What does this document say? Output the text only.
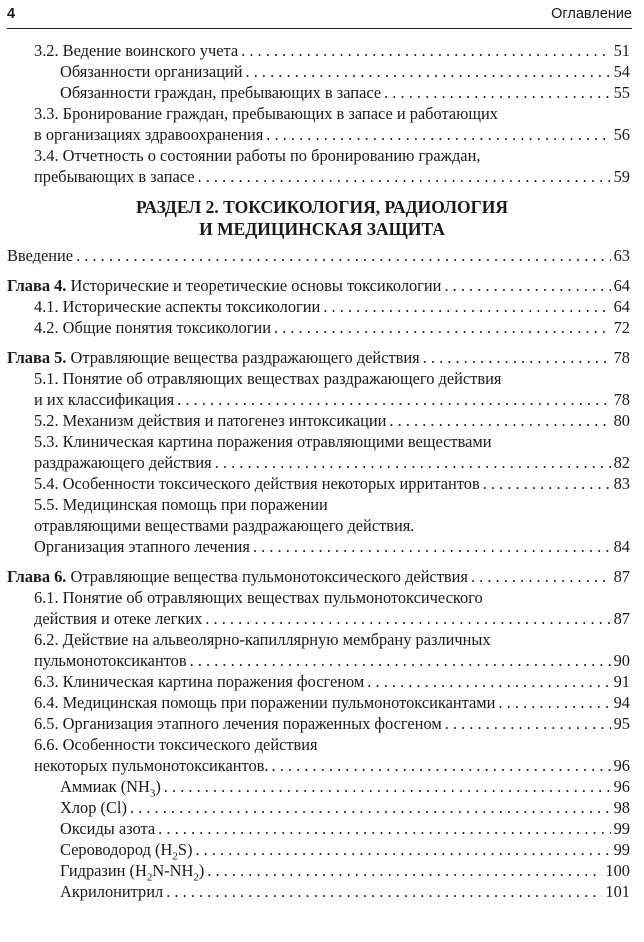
4	Оглавление
3.2. Ведение воинского учета . . .	51
Обязанности организаций . . .	54
Обязанности граждан, пребывающих в запасе . . .	55
3.3. Бронирование граждан, пребывающих в запасе и работающих
в организациях здравоохранения . . .	56
3.4. Отчетность о состоянии работы по бронированию граждан,
пребывающих в запасе . . .	59
РАЗДЕЛ 2. ТОКСИКОЛОГИЯ, РАДИОЛОГИЯ
И МЕДИЦИНСКАЯ ЗАЩИТА
Введение . . .	63
Глава 4. Исторические и теоретические основы токсикологии . . .	64
4.1. Исторические аспекты токсикологии . . .	64
4.2. Общие понятия токсикологии . . .	72
Глава 5. Отравляющие вещества раздражающего действия . . .	78
5.1. Понятие об отравляющих веществах раздражающего действия
и их классификация . . .	78
5.2. Механизм действия и патогенез интоксикации . . .	80
5.3. Клиническая картина поражения отравляющими веществами
раздражающего действия . . .	82
5.4. Особенности токсического действия некоторых ирритантов . . .	83
5.5. Медицинская помощь при поражении
отравляющими веществами раздражающего действия.
Организация этапного лечения . . .	84
Глава 6. Отравляющие вещества пульмонотоксического действия . . .	87
6.1. Понятие об отравляющих веществах пульмонотоксического
действия и отеке легких . . .	87
6.2. Действие на альвеолярно-капиллярную мембрану различных
пульмонотоксикантов . . .	90
6.3. Клиническая картина поражения фосгеном . . .	91
6.4. Медицинская помощь при поражении пульмонотоксикантами . . .	94
6.5. Организация этапного лечения пораженных фосгеном . . .	95
6.6. Особенности токсического действия
некоторых пульмонотоксикантов. . . .	96
Аммиак $(NH_3)$ . . .	96
Хлор (Cl) . . .	98
Оксиды азота . . .	99
Сероводород $(H_2S)$ . . .	99
Гидразин $(H_2N-NH_2)$ . . .	100
Акрилонитрил . . .	101
